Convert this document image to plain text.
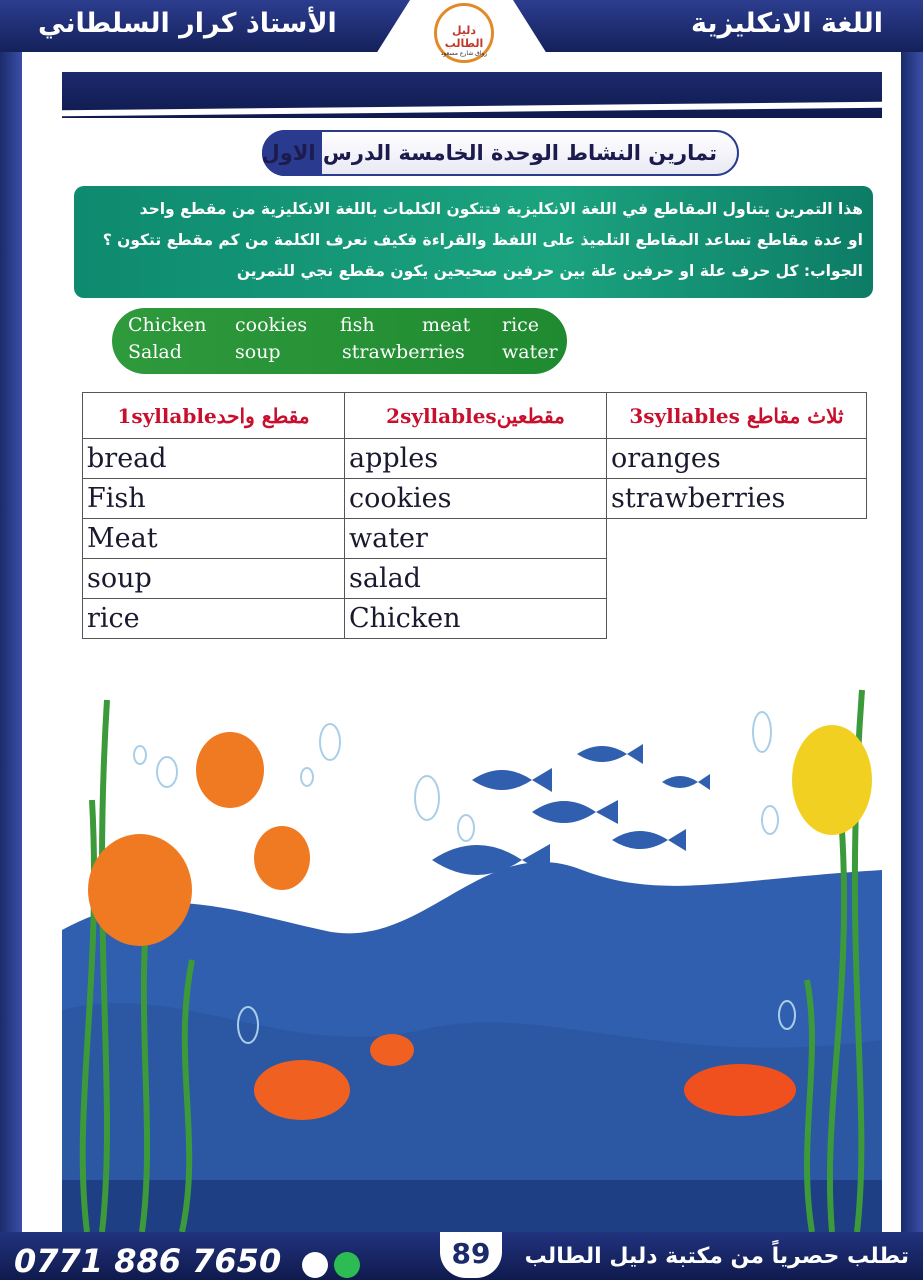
الأستاذ كرار السلطاني	اللغة الانكليزية
دليل الطالب
رواق شارع مسعود
تمارين النشاط الوحدة الخامسة الدرس الاول

هذا التمرين يتناول المقاطع في اللغة الانكليزية فتتكون الكلمات باللغة الانكليزية من مقطع واحد

او عدة مقاطع تساعد المقاطع التلميذ على اللفظ والقراءة فكيف نعرف الكلمة من كم مقطع تتكون ؟

الجواب: كل حرف علة او حرفين علة بين حرفين صحيحين يكون مقطع نجي للتمرين

Chicken cookies fish meat rice
Salad	soup	strawberries water
1syllableمقطع واحد	2syllablesمقطعين	3syllables ثلاث مقاطع
bread	apples	oranges
Fish	cookies	strawberries
Meat	water	
soup	salad	
rice	Chicken	
0771 886 7650	89	تطلب حصرياً من مكتبة دليل الطالب
